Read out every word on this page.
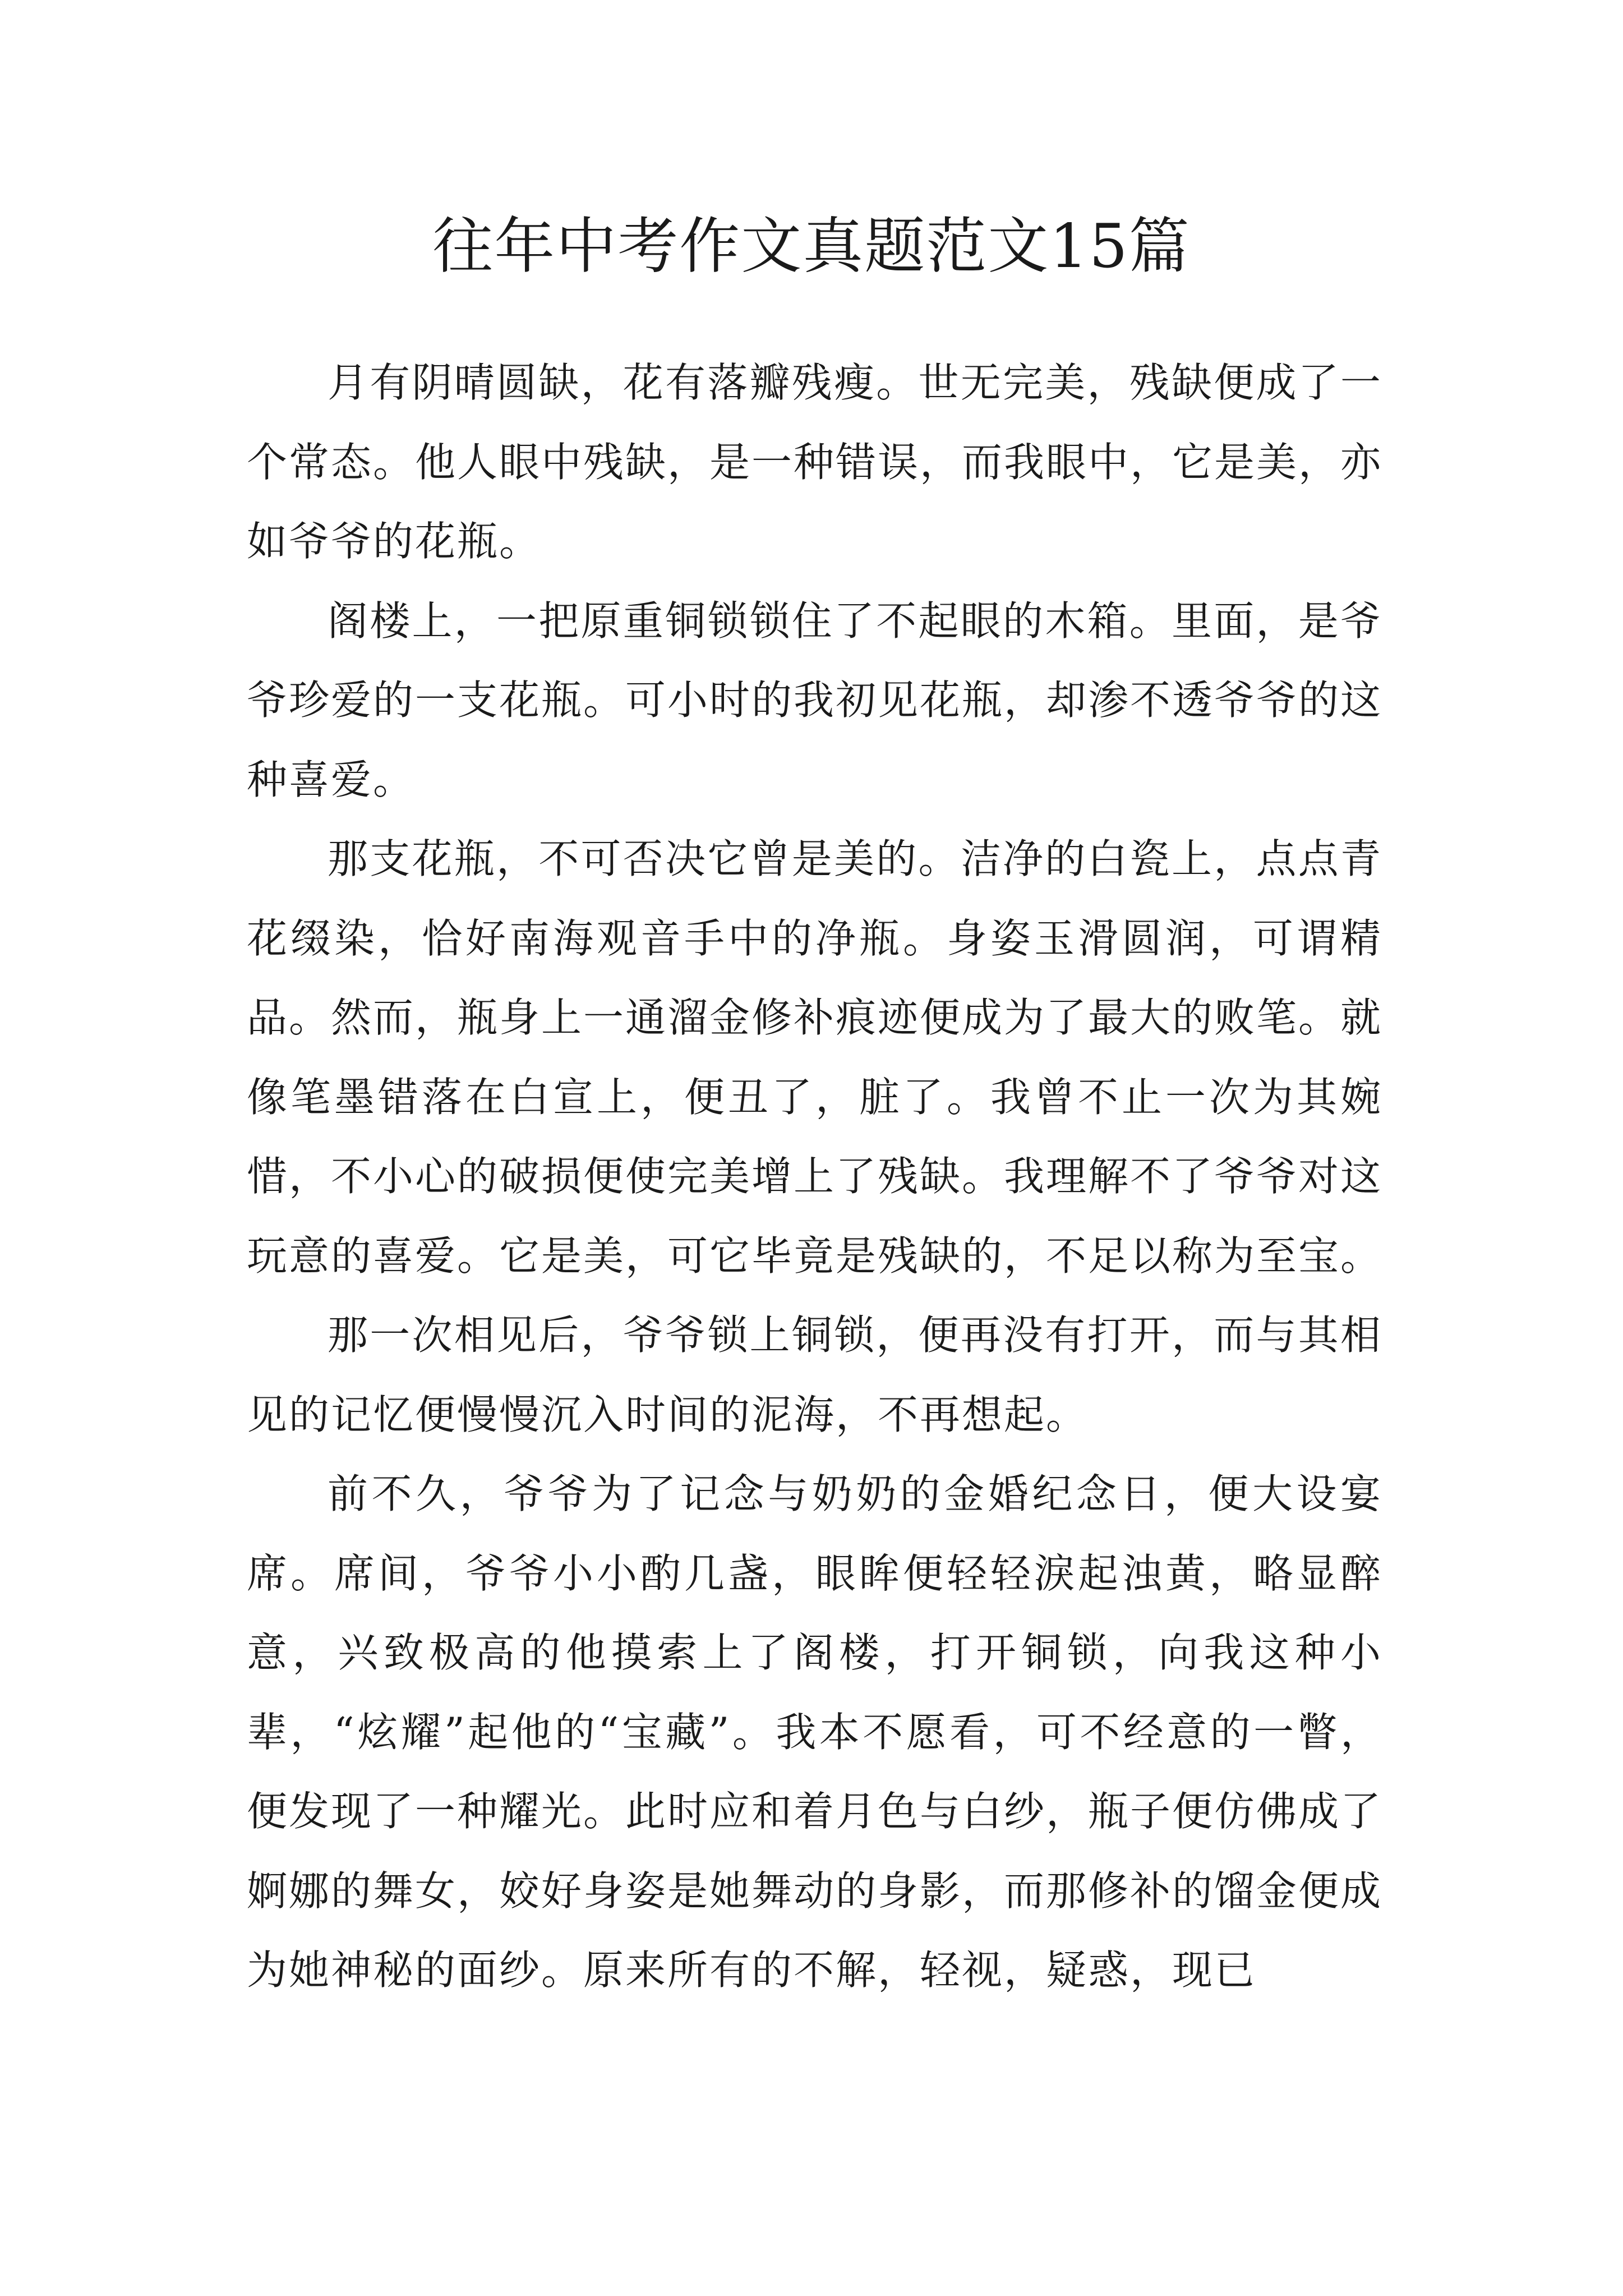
往年中考作文真题范文15篇

月有阴晴圆缺，花有落瓣残瘦。世无完美，残缺便成了一个常态。他人眼中残缺，是一种错误，而我眼中，它是美，亦如爷爷的花瓶。

阁楼上，一把原重铜锁锁住了不起眼的木箱。里面，是爷爷珍爱的一支花瓶。可小时的我初见花瓶，却渗不透爷爷的这种喜爱。

那支花瓶，不可否决它曾是美的。洁净的白瓷上，点点青花缀染，恰好南海观音手中的净瓶。身姿玉滑圆润，可谓精品。然而，瓶身上一通溜金修补痕迹便成为了最大的败笔。就像笔墨错落在白宣上，便丑了，脏了。我曾不止一次为其婉惜，不小心的破损便使完美增上了残缺。我理解不了爷爷对这玩意的喜爱。它是美，可它毕竟是残缺的，不足以称为至宝。

那一次相见后，爷爷锁上铜锁，便再没有打开，而与其相见的记忆便慢慢沉入时间的泥海，不再想起。

前不久，爷爷为了记念与奶奶的金婚纪念日，便大设宴席。席间，爷爷小小酌几盏，眼眸便轻轻淚起浊黄，略显醉意，兴致极高的他摸索上了阁楼，打开铜锁，向我这种小辈，“炫耀”起他的“宝藏”。我本不愿看，可不经意的一瞥，便发现了一种耀光。此时应和着月色与白纱，瓶子便仿佛成了婀娜的舞女，姣好身姿是她舞动的身影，而那修补的馏金便成为她神秘的面纱。原来所有的不解，轻视，疑惑，现已
